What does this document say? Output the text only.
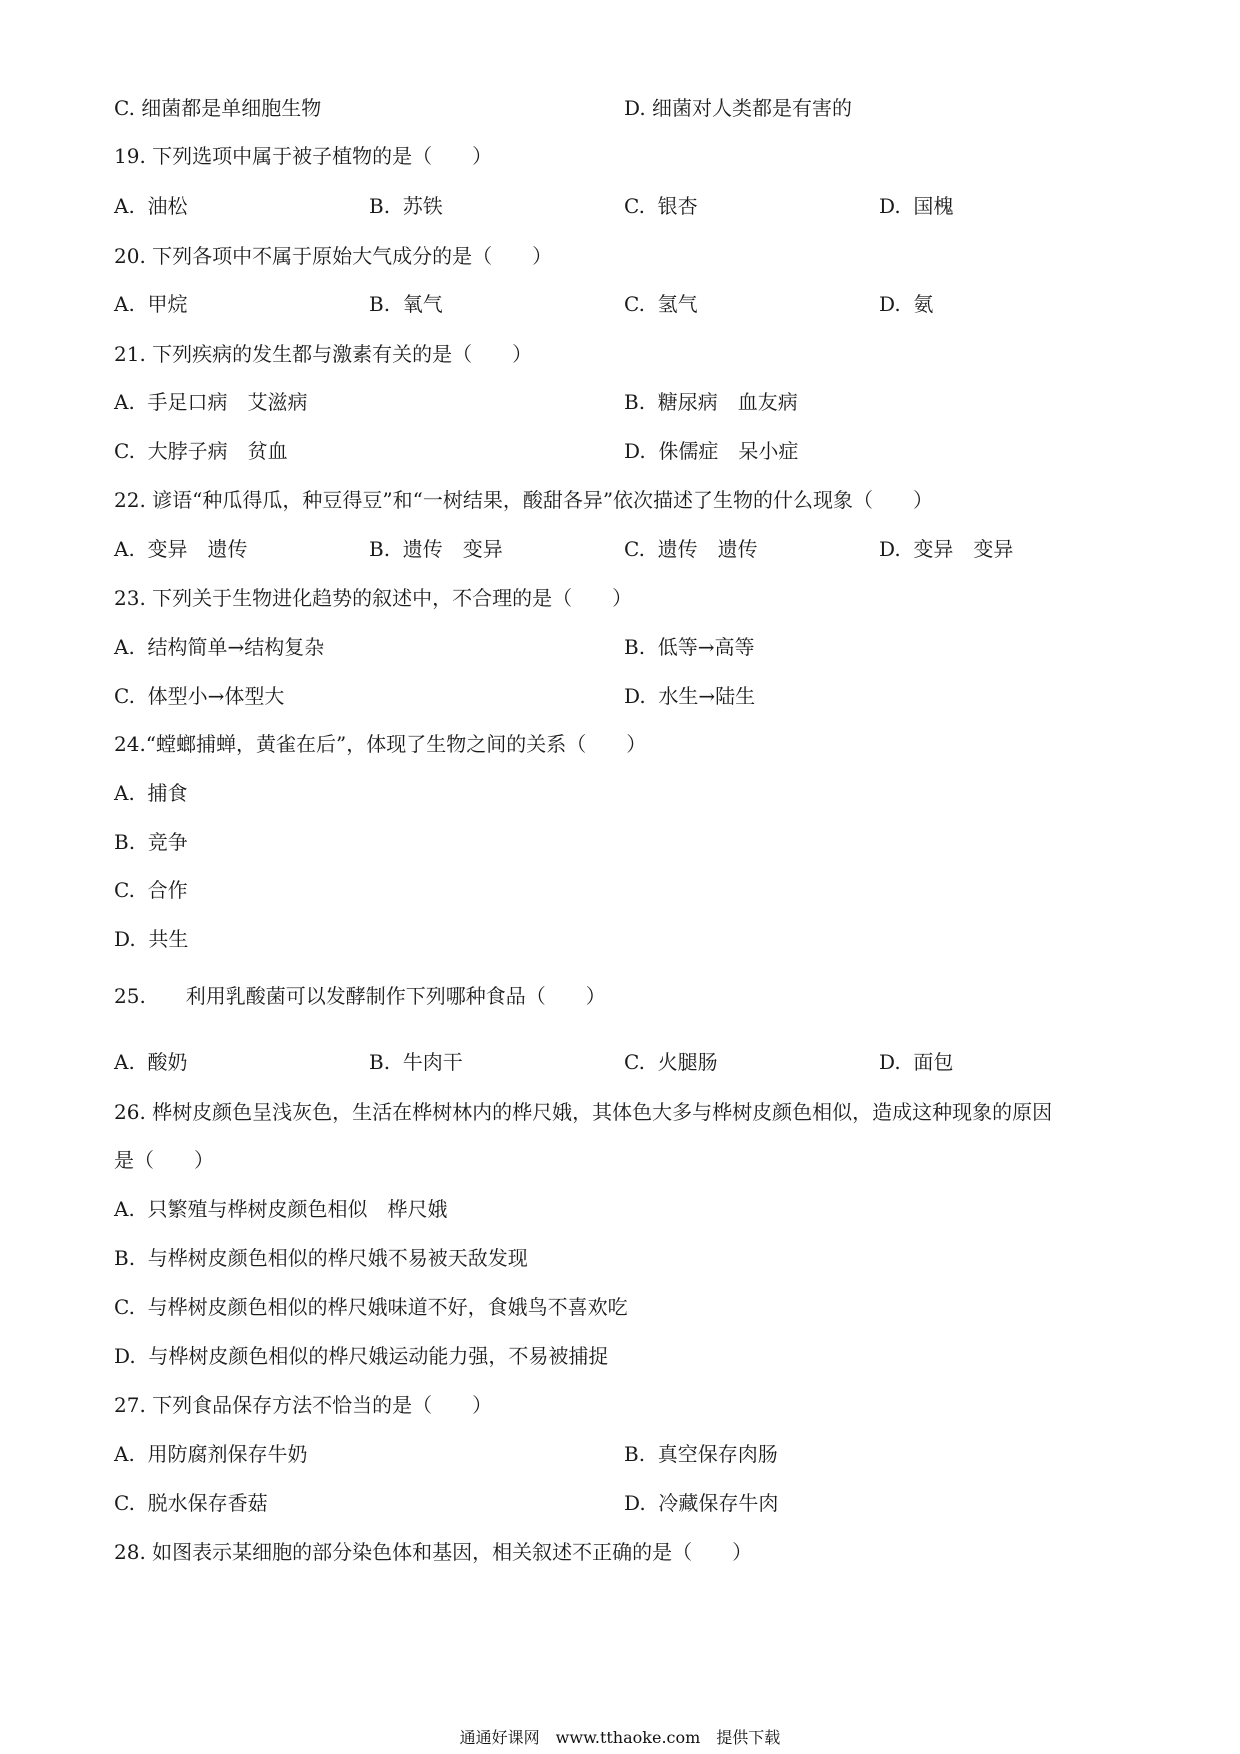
C. 细菌都是单细胞生物	D. 细菌对人类都是有害的
19. 下列选项中属于被子植物的是（　　）
A.  油松	B.  苏铁	C.  银杏	D.  国槐
20. 下列各项中不属于原始大气成分的是（　　）
A.  甲烷	B.  氧气	C.  氢气	D.  氨
21. 下列疾病的发生都与激素有关的是（　　）
A.  手足口病　艾滋病	B.  糖尿病　血友病
C.  大脖子病　贫血	D.  侏儒症　呆小症
22. 谚语“种瓜得瓜，种豆得豆”和“一树结果，酸甜各异”依次描述了生物的什么现象（　　）
A.  变异　遗传	B.  遗传　变异	C.  遗传　遗传	D.  变异　变异
23. 下列关于生物进化趋势的叙述中，不合理的是（　　）
A.  结构简单→结构复杂	B.  低等→高等
C.  体型小→体型大	D.  水生→陆生
24.“螳螂捕蝉，黄雀在后”，体现了生物之间的关系（　　）
A.  捕食
B.  竞争
C.  合作
D.  共生
25.　　利用乳酸菌可以发酵制作下列哪种食品（　　）
A.  酸奶	B.  牛肉干	C.  火腿肠	D.  面包
26. 桦树皮颜色呈浅灰色，生活在桦树林内的桦尺娥，其体色大多与桦树皮颜色相似，造成这种现象的原因
是（　　）
A.  只繁殖与桦树皮颜色相似　桦尺娥
B.  与桦树皮颜色相似的桦尺娥不易被天敌发现
C.  与桦树皮颜色相似的桦尺娥味道不好，食娥鸟不喜欢吃
D.  与桦树皮颜色相似的桦尺娥运动能力强，不易被捕捉
27. 下列食品保存方法不恰当的是（　　）
A.  用防腐剂保存牛奶	B.  真空保存肉肠
C.  脱水保存香菇	D.  冷藏保存牛肉
28. 如图表示某细胞的部分染色体和基因，相关叙述不正确的是（　　）
通通好课网　www.tthaoke.com　提供下载
